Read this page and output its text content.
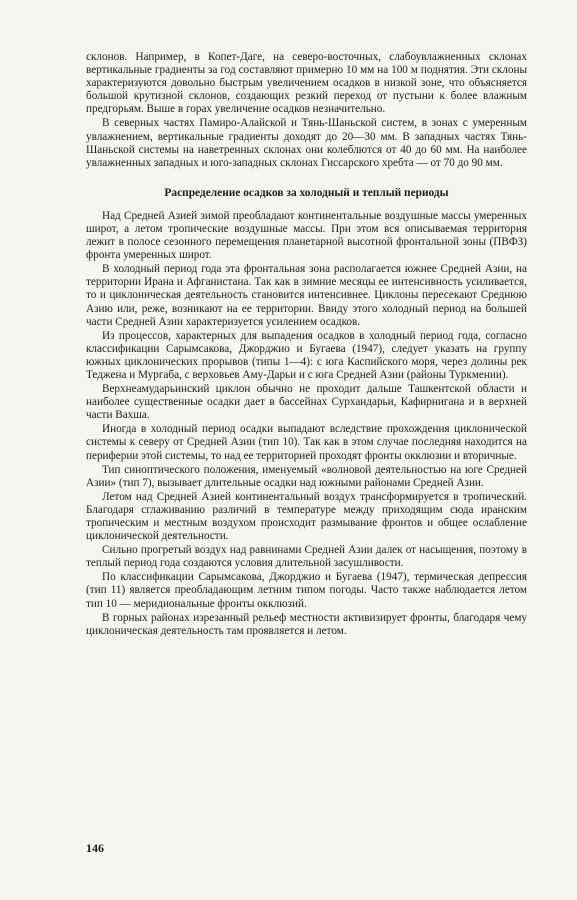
склонов. Например, в Копет-Даге, на северо-восточных, слабоувлажненных склонах вертикальные градиенты за год составляют примерно 10 мм на 100 м поднятия. Эти склоны характеризуются довольно быстрым увеличением осадков в низкой зоне, что объясняется большой крутизной склонов, создающих резкий переход от пустыни к более влажным предгорьям. Выше в горах увеличение осадков незначительно.

В северных частях Памиро-Алайской и Тянь-Шаньской систем, в зонах с умеренным увлажнением, вертикальные градиенты доходят до 20—30 мм. В западных частях Тянь-Шаньской системы на наветренных склонах они колеблются от 40 до 60 мм. На наиболее увлажненных западных и юго-западных склонах Гиссарского хребта — от 70 до 90 мм.

Распределение осадков за холодный и теплый периоды

Над Средней Азией зимой преобладают континентальные воздушные массы умеренных широт, а летом тропические воздушные массы. При этом вся описываемая территория лежит в полосе сезонного перемещения планетарной высотной фронтальной зоны (ПВФЗ) фронта умеренных широт.

В холодный период года эта фронтальная зона располагается южнее Средней Азии, на территории Ирана и Афганистана. Так как в зимние месяцы ее интенсивность усиливается, то и циклоническая деятельность становится интенсивнее. Циклоны пересекают Среднюю Азию или, реже, возникают на ее территории. Ввиду этого холодный период на большей части Средней Азии характеризуется усилением осадков.

Из процессов, характерных для выпадения осадков в холодный период года, согласно классификации Сарымсакова, Джорджио и Бугаева (1947), следует указать на группу южных циклонических прорывов (типы 1—4): с юга Каспийского моря, через долины рек Теджена и Мургаба, с верховьев Аму-Дарьи и с юга Средней Азии (районы Туркмении).

Верхнеамударьинский циклон обычно не проходит дальше Ташкентской области и наиболее существенные осадки дает в бассейнах Сурхандарьи, Кафирнигана и в верхней части Вахша.

Иногда в холодный период осадки выпадают вследствие прохождения циклонической системы к северу от Средней Азии (тип 10). Так как в этом случае последняя находится на периферии этой системы, то над ее территорией проходят фронты окклюзии и вторичные.

Тип синоптического положения, именуемый «волновой деятельностью на юге Средней Азии» (тип 7), вызывает длительные осадки над южными районами Средней Азии.

Летом над Средней Азией континентальный воздух трансформируется в тропический. Благодаря сглаживанию различий в температуре между приходящим сюда иранским тропическим и местным воздухом происходит размывание фронтов и общее ослабление циклонической деятельности.

Сильно прогретый воздух над равнинами Средней Азии далек от насыщения, поэтому в теплый период года создаются условия длительной засушливости.

По классификации Сарымсакова, Джорджио и Бугаева (1947), термическая депрессия (тип 11) является преобладающим летним типом погоды. Часто также наблюдается летом тип 10 — меридиональные фронты окклюзий.

В горных районах изрезанный рельеф местности активизирует фронты, благодаря чему циклоническая деятельность там проявляется и летом.

146
